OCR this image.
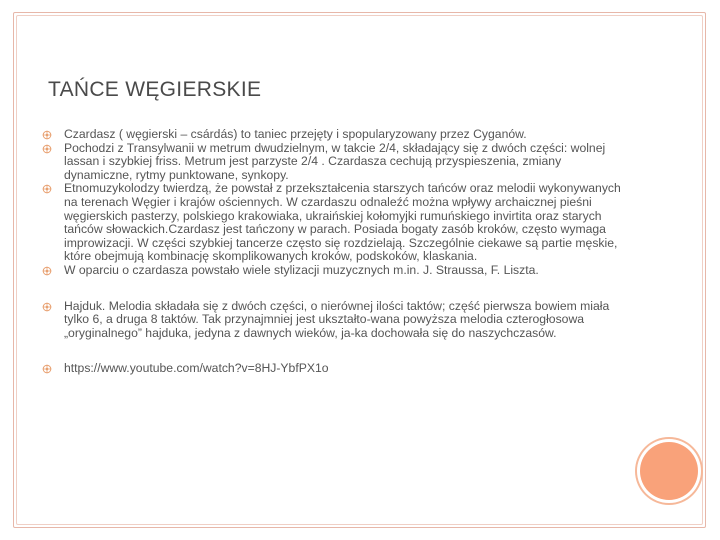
TAŃCE WĘGIERSKIE
Czardasz ( węgierski – csárdás) to taniec przejęty i spopularyzowany przez Cyganów.
Pochodzi z Transylwanii w metrum dwudzielnym, w takcie 2/4, składający się z dwóch części: wolnej lassan i szybkiej friss. Metrum jest parzyste 2/4 . Czardasza cechują przyspieszenia, zmiany dynamiczne, rytmy punktowane, synkopy.
Etnomuzykolodzy twierdzą, że powstał z przekształcenia starszych tańców oraz melodii wykonywanych na terenach Węgier i krajów ościennych. W czardaszu odnaleźć można wpływy archaicznej pieśni węgierskich pasterzy, polskiego krakowiaka, ukraińskiej kołomyjki rumuńskiego invirtita oraz starych tańców słowackich.Czardasz jest tańczony w parach. Posiada bogaty zasób kroków, często wymaga improwizacji. W części szybkiej tancerze często się rozdzielają. Szczególnie ciekawe są partie męskie, które obejmują kombinację skomplikowanych kroków, podskoków, klaskania.
W oparciu o czardasza powstało wiele stylizacji muzycznych m.in. J. Straussa, F. Liszta.
Hajduk. Melodia składała się z dwóch części, o nierównej ilości taktów; część pierwsza bowiem miała tylko 6, a druga 8 taktów. Tak przynajmniej jest ukształto-wana powyższa melodia czterogłosowa „oryginalnego” hajduka, jedyna z dawnych wieków, ja-ka dochowała się do naszychczasów.
https://www.youtube.com/watch?v=8HJ-YbfPX1o
